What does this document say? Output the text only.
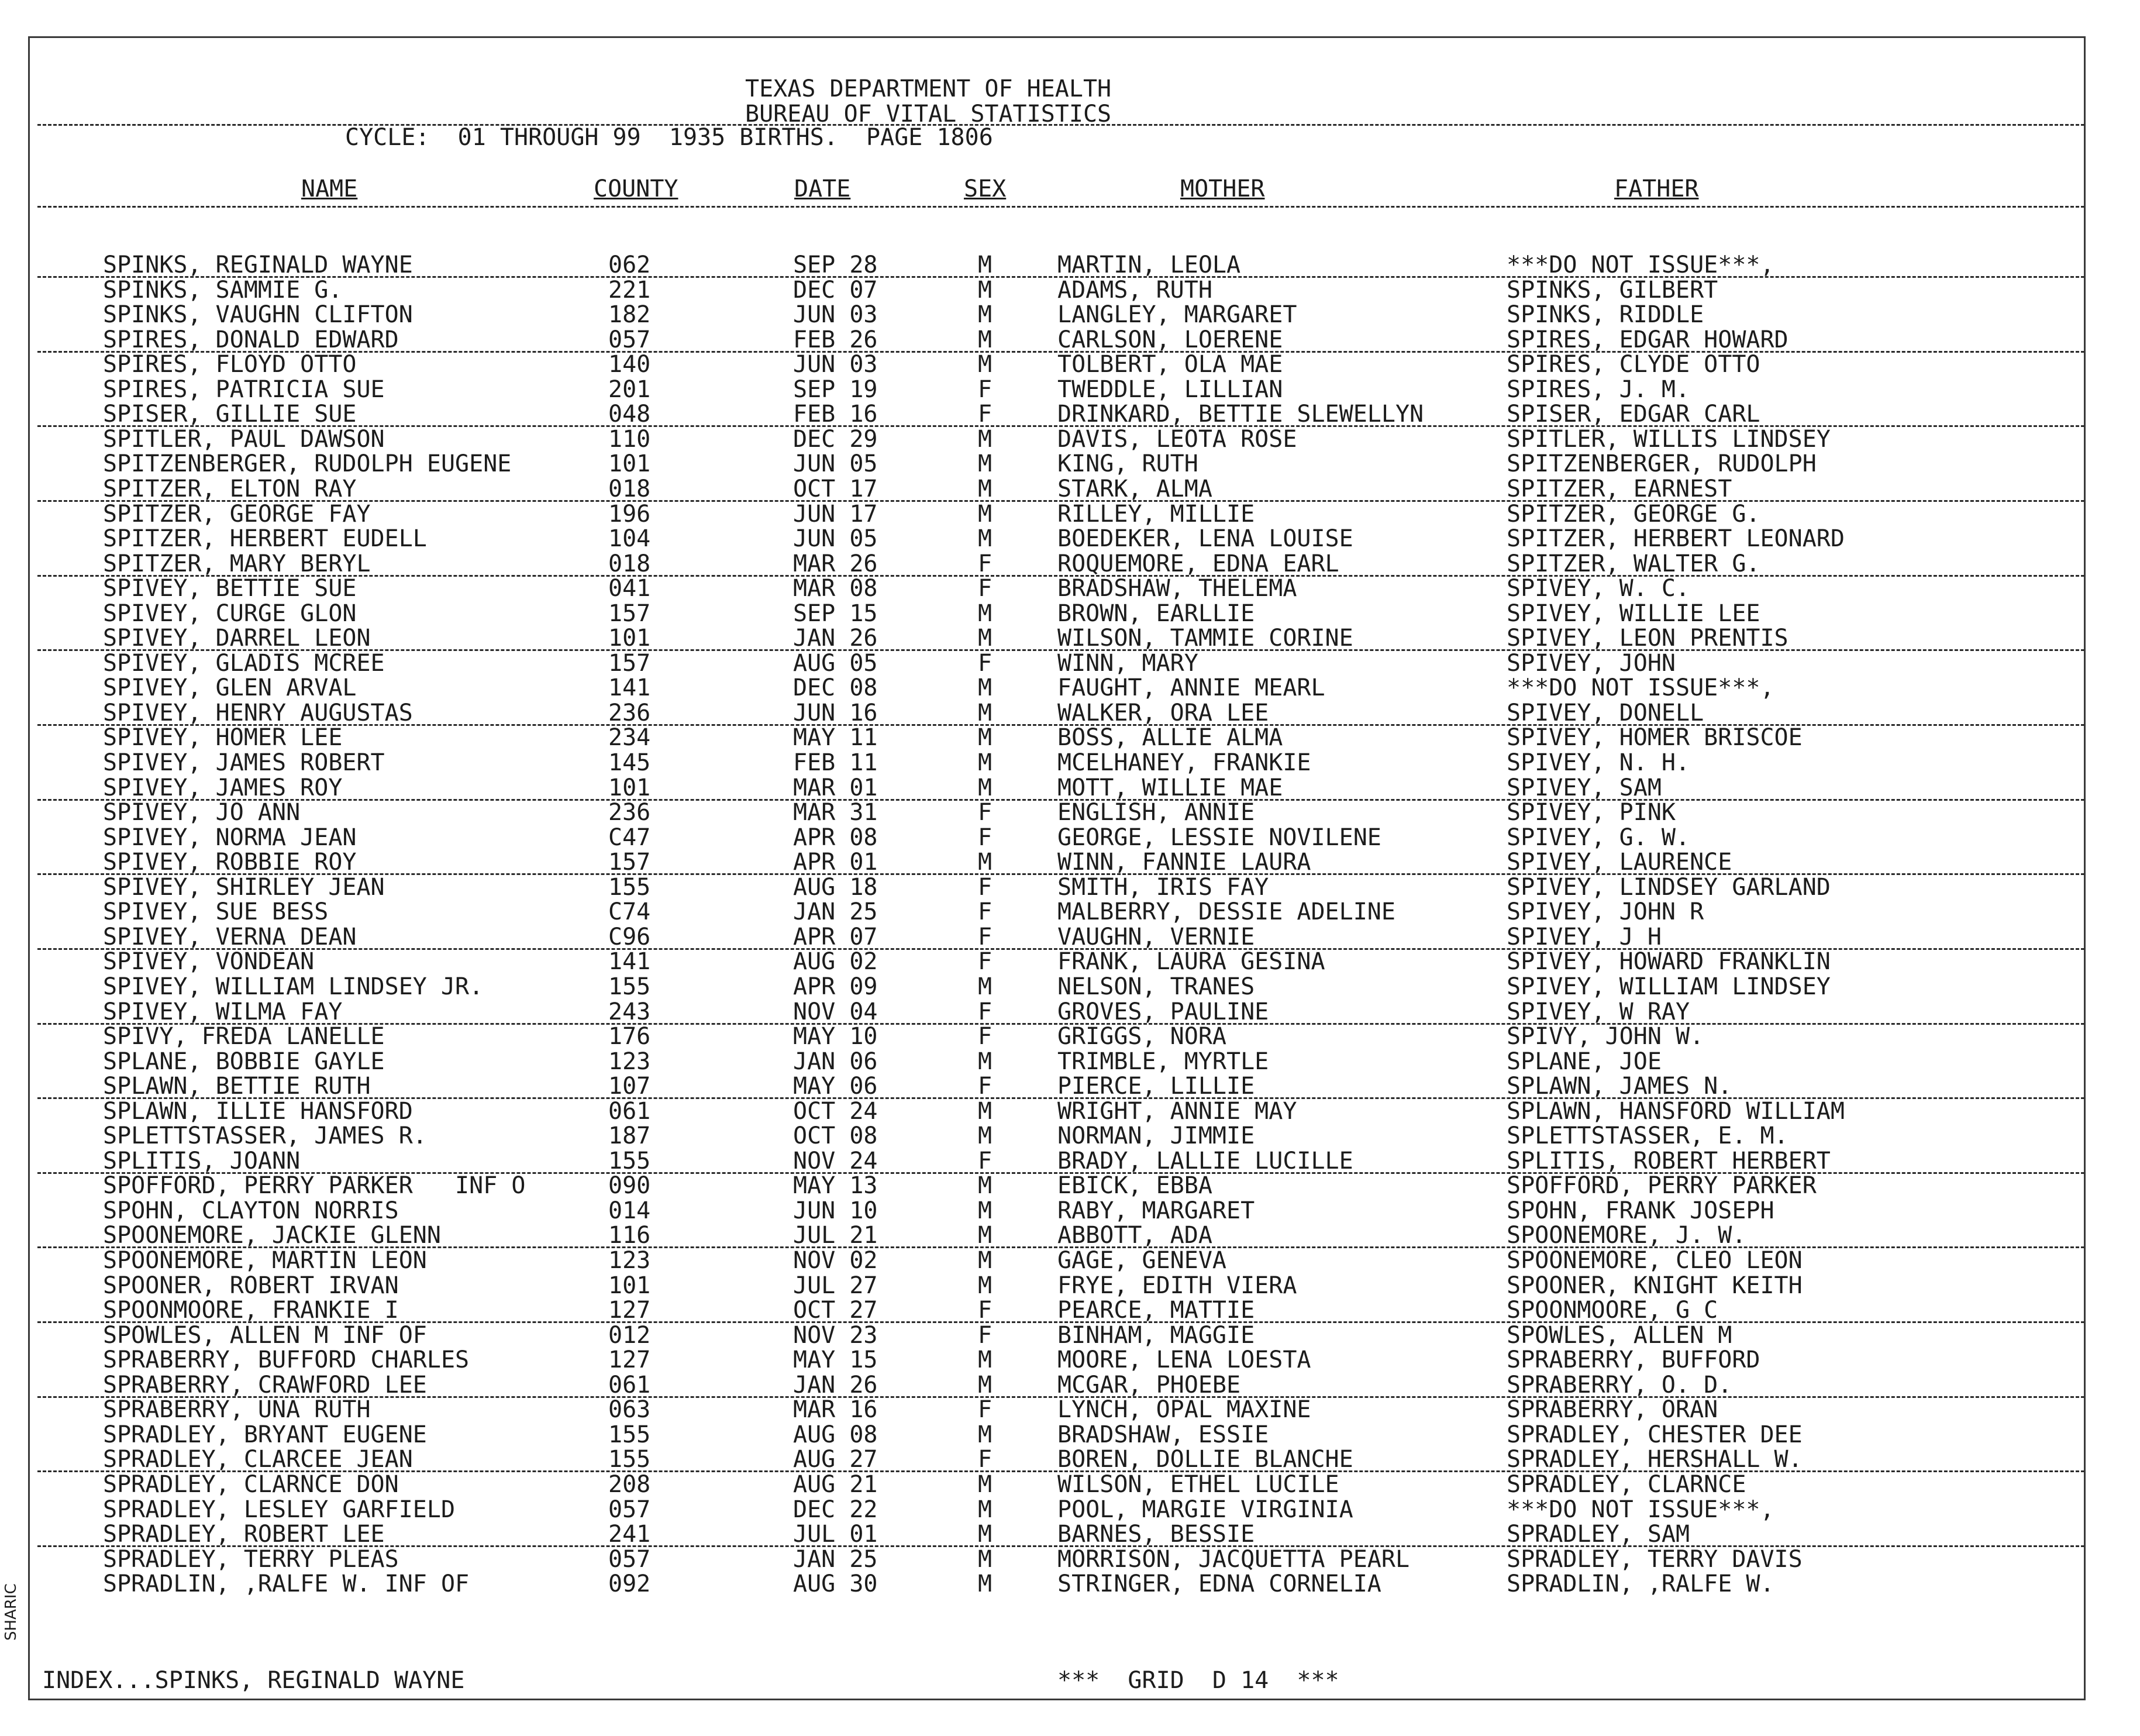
TEXAS DEPARTMENT OF HEALTH
BUREAU OF VITAL STATISTICS
CYCLE:  01 THROUGH 99  1935 BIRTHS.  PAGE 1806
NAME	COUNTY	DATE	SEX	MOTHER	FATHER
SPINKS, REGINALD WAYNE	062	SEP 28	M	MARTIN, LEOLA	***DO NOT ISSUE***,
SPINKS, SAMMIE G.	221	DEC 07	M	ADAMS, RUTH	SPINKS, GILBERT
SPINKS, VAUGHN CLIFTON	182	JUN 03	M	LANGLEY, MARGARET	SPINKS, RIDDLE
SPIRES, DONALD EDWARD	057	FEB 26	M	CARLSON, LOERENE	SPIRES, EDGAR HOWARD
SPIRES, FLOYD OTTO	140	JUN 03	M	TOLBERT, OLA MAE	SPIRES, CLYDE OTTO
SPIRES, PATRICIA SUE	201	SEP 19	F	TWEDDLE, LILLIAN	SPIRES, J. M.
SPISER, GILLIE SUE	048	FEB 16	F	DRINKARD, BETTIE SLEWELLYN	SPISER, EDGAR CARL
SPITLER, PAUL DAWSON	110	DEC 29	M	DAVIS, LEOTA ROSE	SPITLER, WILLIS LINDSEY
SPITZENBERGER, RUDOLPH EUGENE	101	JUN 05	M	KING, RUTH	SPITZENBERGER, RUDOLPH
SPITZER, ELTON RAY	018	OCT 17	M	STARK, ALMA	SPITZER, EARNEST
SPITZER, GEORGE FAY	196	JUN 17	M	RILLEY, MILLIE	SPITZER, GEORGE G.
SPITZER, HERBERT EUDELL	104	JUN 05	M	BOEDEKER, LENA LOUISE	SPITZER, HERBERT LEONARD
SPITZER, MARY BERYL	018	MAR 26	F	ROQUEMORE, EDNA EARL	SPITZER, WALTER G.
SPIVEY, BETTIE SUE	041	MAR 08	F	BRADSHAW, THELEMA	SPIVEY, W. C.
SPIVEY, CURGE GLON	157	SEP 15	M	BROWN, EARLLIE	SPIVEY, WILLIE LEE
SPIVEY, DARREL LEON	101	JAN 26	M	WILSON, TAMMIE CORINE	SPIVEY, LEON PRENTIS
SPIVEY, GLADIS MCREE	157	AUG 05	F	WINN, MARY	SPIVEY, JOHN
SPIVEY, GLEN ARVAL	141	DEC 08	M	FAUGHT, ANNIE MEARL	***DO NOT ISSUE***,
SPIVEY, HENRY AUGUSTAS	236	JUN 16	M	WALKER, ORA LEE	SPIVEY, DONELL
SPIVEY, HOMER LEE	234	MAY 11	M	BOSS, ALLIE ALMA	SPIVEY, HOMER BRISCOE
SPIVEY, JAMES ROBERT	145	FEB 11	M	MCELHANEY, FRANKIE	SPIVEY, N. H.
SPIVEY, JAMES ROY	101	MAR 01	M	MOTT, WILLIE MAE	SPIVEY, SAM
SPIVEY, JO ANN	236	MAR 31	F	ENGLISH, ANNIE	SPIVEY, PINK
SPIVEY, NORMA JEAN	C47	APR 08	F	GEORGE, LESSIE NOVILENE	SPIVEY, G. W.
SPIVEY, ROBBIE ROY	157	APR 01	M	WINN, FANNIE LAURA	SPIVEY, LAURENCE
SPIVEY, SHIRLEY JEAN	155	AUG 18	F	SMITH, IRIS FAY	SPIVEY, LINDSEY GARLAND
SPIVEY, SUE BESS	C74	JAN 25	F	MALBERRY, DESSIE ADELINE	SPIVEY, JOHN R
SPIVEY, VERNA DEAN	C96	APR 07	F	VAUGHN, VERNIE	SPIVEY, J H
SPIVEY, VONDEAN	141	AUG 02	F	FRANK, LAURA GESINA	SPIVEY, HOWARD FRANKLIN
SPIVEY, WILLIAM LINDSEY JR.	155	APR 09	M	NELSON, TRANES	SPIVEY, WILLIAM LINDSEY
SPIVEY, WILMA FAY	243	NOV 04	F	GROVES, PAULINE	SPIVEY, W RAY
SPIVY, FREDA LANELLE	176	MAY 10	F	GRIGGS, NORA	SPIVY, JOHN W.
SPLANE, BOBBIE GAYLE	123	JAN 06	M	TRIMBLE, MYRTLE	SPLANE, JOE
SPLAWN, BETTIE RUTH	107	MAY 06	F	PIERCE, LILLIE	SPLAWN, JAMES N.
SPLAWN, ILLIE HANSFORD	061	OCT 24	M	WRIGHT, ANNIE MAY	SPLAWN, HANSFORD WILLIAM
SPLETTSTASSER, JAMES R.	187	OCT 08	M	NORMAN, JIMMIE	SPLETTSTASSER, E. M.
SPLITIS, JOANN	155	NOV 24	F	BRADY, LALLIE LUCILLE	SPLITIS, ROBERT HERBERT
SPOFFORD, PERRY PARKER   INF O	090	MAY 13	M	EBICK, EBBA	SPOFFORD, PERRY PARKER
SPOHN, CLAYTON NORRIS	014	JUN 10	M	RABY, MARGARET	SPOHN, FRANK JOSEPH
SPOONEMORE, JACKIE GLENN	116	JUL 21	M	ABBOTT, ADA	SPOONEMORE, J. W.
SPOONEMORE, MARTIN LEON	123	NOV 02	M	GAGE, GENEVA	SPOONEMORE, CLEO LEON
SPOONER, ROBERT IRVAN	101	JUL 27	M	FRYE, EDITH VIERA	SPOONER, KNIGHT KEITH
SPOONMOORE, FRANKIE I	127	OCT 27	F	PEARCE, MATTIE	SPOONMOORE, G C
SPOWLES, ALLEN M INF OF	012	NOV 23	F	BINHAM, MAGGIE	SPOWLES, ALLEN M
SPRABERRY, BUFFORD CHARLES	127	MAY 15	M	MOORE, LENA LOESTA	SPRABERRY, BUFFORD
SPRABERRY, CRAWFORD LEE	061	JAN 26	M	MCGAR, PHOEBE	SPRABERRY, O. D.
SPRABERRY, UNA RUTH	063	MAR 16	F	LYNCH, OPAL MAXINE	SPRABERRY, ORAN
SPRADLEY, BRYANT EUGENE	155	AUG 08	M	BRADSHAW, ESSIE	SPRADLEY, CHESTER DEE
SPRADLEY, CLARCEE JEAN	155	AUG 27	F	BOREN, DOLLIE BLANCHE	SPRADLEY, HERSHALL W.
SPRADLEY, CLARNCE DON	208	AUG 21	M	WILSON, ETHEL LUCILE	SPRADLEY, CLARNCE
SPRADLEY, LESLEY GARFIELD	057	DEC 22	M	POOL, MARGIE VIRGINIA	***DO NOT ISSUE***,
SPRADLEY, ROBERT LEE	241	JUL 01	M	BARNES, BESSIE	SPRADLEY, SAM
SPRADLEY, TERRY PLEAS	057	JAN 25	M	MORRISON, JACQUETTA PEARL	SPRADLEY, TERRY DAVIS
SPRADLIN, ,RALFE W. INF OF	092	AUG 30	M	STRINGER, EDNA CORNELIA	SPRADLIN, ,RALFE W.
INDEX...SPINKS, REGINALD WAYNE	***  GRID  D 14  ***
SHARIC
